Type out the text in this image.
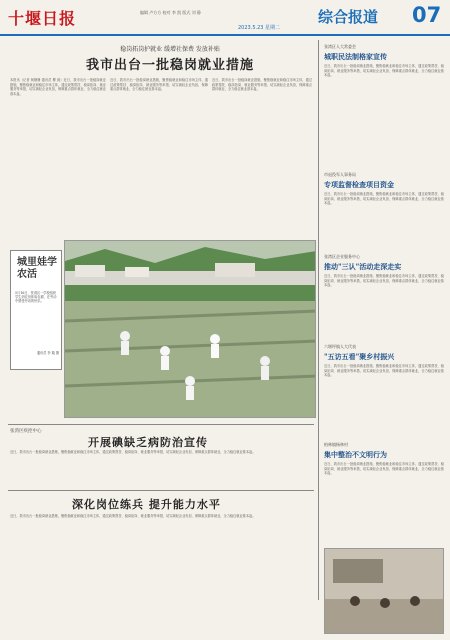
十堰日报	编辑 卢方方 校对 李 凯 版式 刘 静
2023.5.23 星期二
综合报道 07
稳岗拓岗护就业 缓增社保费 发放补贴
我市出台一批稳岗就业措施
本报讯（记者 柯姗姗 通讯员 柳 威）近日，我市出台一批稳岗就业措施，聚焦稳就业和稳住市场主体，通过政策帮扶、稳岗拓岗、就业服务等举措，切实减轻企业负担，保障重点群体就业，全力稳住就业基本盘。
近日，我市出台一批稳岗就业措施，聚焦稳就业和稳住市场主体，通过政策帮扶、稳岗拓岗、就业服务等举措，切实减轻企业负担，保障重点群体就业，全力稳住就业基本盘。
近日，我市出台一批稳岗就业措施，聚焦稳就业和稳住市场主体，通过政策帮扶、稳岗拓岗、就业服务等举措，切实减轻企业负担，保障重点群体就业，全力稳住就业基本盘。
城里娃学农活
5月16日，张湾区一学校组织学生到农田体验农耕，在劳动中感受劳动的快乐。
通讯员 李 璇 摄
张湾区疾控中心
开展碘缺乏病防治宣传
近日，我市出台一批稳岗就业措施，聚焦稳就业和稳住市场主体，通过政策帮扶、稳岗拓岗、就业服务等举措，切实减轻企业负担，保障重点群体就业，全力稳住就业基本盘。
深化岗位练兵 提升能力水平
近日，我市出台一批稳岗就业措施，聚焦稳就业和稳住市场主体，通过政策帮扶、稳岗拓岗、就业服务等举措，切实减轻企业负担，保障重点群体就业，全力稳住就业基本盘。
张湾区人大常委会
城职民法制格家宣传
近日，我市出台一批稳岗就业措施，聚焦稳就业和稳住市场主体，通过政策帮扶、稳岗拓岗、就业服务等举措，切实减轻企业负担，保障重点群体就业，全力稳住就业基本盘。
市退役军人事务局
专项监督检查项目资金
近日，我市出台一批稳岗就业措施，聚焦稳就业和稳住市场主体，通过政策帮扶、稳岗拓岗、就业服务等举措，切实减轻企业负担，保障重点群体就业，全力稳住就业基本盘。
张湾区企业服务中心
推动"三认"活动走深走实
近日，我市出台一批稳岗就业措施，聚焦稳就业和稳住市场主体，通过政策帮扶、稳岗拓岗、就业服务等举措，切实减轻企业负担，保障重点群体就业，全力稳住就业基本盘。
六堰坪镇人大代表
"五访五看"聚乡村振兴
近日，我市出台一批稳岗就业措施，聚焦稳就业和稳住市场主体，通过政策帮扶、稳岗拓岗、就业服务等举措，切实减轻企业负担，保障重点群体就业，全力稳住就业基本盘。
柏林镇杨林村
集中整治不文明行为
近日，我市出台一批稳岗就业措施，聚焦稳就业和稳住市场主体，通过政策帮扶、稳岗拓岗、就业服务等举措，切实减轻企业负担，保障重点群体就业，全力稳住就业基本盘。
